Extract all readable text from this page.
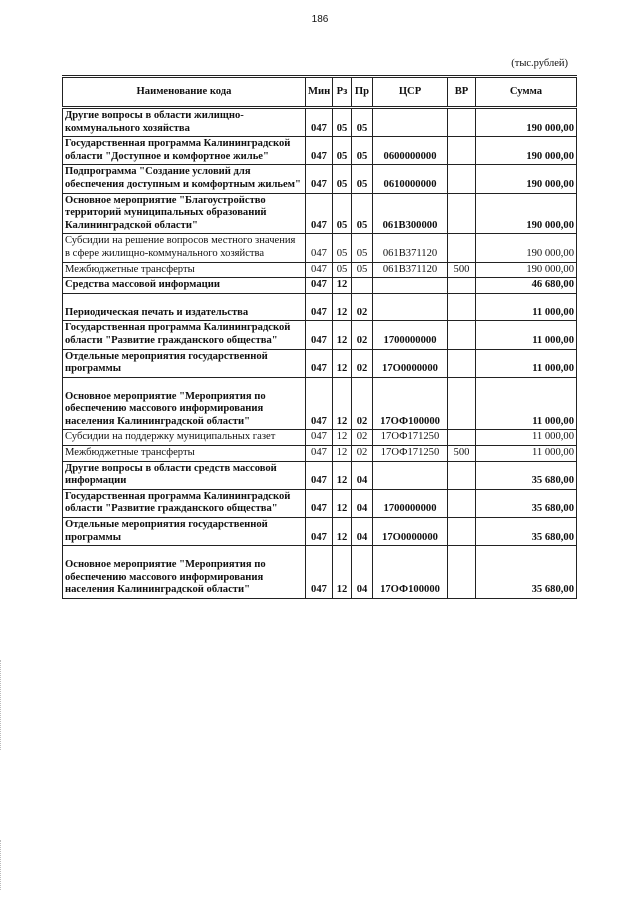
186
(тыс.рублей)
Наименование кода	Мин	Рз	Пр	ЦСР	ВР	Сумма
Другие вопросы в области жилищно-коммунального хозяйства	047	05	05			190 000,00
Государственная программа Калининградской области "Доступное и комфортное жилье"	047	05	05	0600000000		190 000,00
Подпрограмма "Создание условий для обеспечения доступным и комфортным жильем"	047	05	05	0610000000		190 000,00
Основное мероприятие "Благоустройство территорий муниципальных образований Калининградской области"	047	05	05	061В300000		190 000,00
Субсидии на решение вопросов местного значения в сфере жилищно-коммунального хозяйства	047	05	05	061В371120		190 000,00
Межбюджетные трансферты	047	05	05	061В371120	500	190 000,00
Средства массовой информации	047	12				46 680,00
Периодическая печать и издательства	047	12	02			11 000,00
Государственная программа Калининградской области "Развитие гражданского общества"	047	12	02	1700000000		11 000,00
Отдельные мероприятия государственной программы	047	12	02	17О0000000		11 000,00
Основное мероприятие "Мероприятия по обеспечению массового информирования населения Калининградской области"	047	12	02	17ОФ100000		11 000,00
Субсидии на поддержку муниципальных газет	047	12	02	17ОФ171250		11 000,00
Межбюджетные трансферты	047	12	02	17ОФ171250	500	11 000,00
Другие вопросы в области средств массовой информации	047	12	04			35 680,00
Государственная программа Калининградской области "Развитие гражданского общества"	047	12	04	1700000000		35 680,00
Отдельные мероприятия государственной программы	047	12	04	17О0000000		35 680,00
Основное мероприятие "Мероприятия по обеспечению массового информирования населения Калининградской области"	047	12	04	17ОФ100000		35 680,00
